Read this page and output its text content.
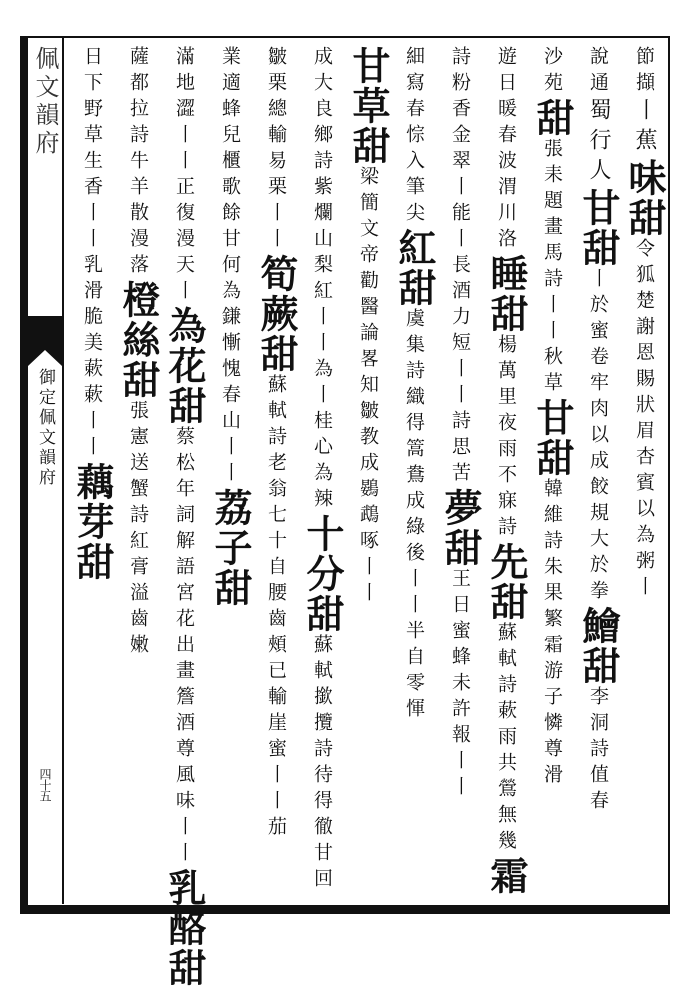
佩文韻府
御定佩文韻府
四十五
節擷丨蕉味甜令狐楚謝恩賜狀眉杏賓以為粥丨
說通蜀行人甘甜丨於蜜卷牢肉以成餃規大於拳鱠甜李洞詩值春
沙苑甜張耒題畫馬詩丨丨秋草甘甜韓維詩朱果繁霜游子憐尊滑
遊日暖春波渭川洛睡甜楊萬里夜雨不寐詩先甜蘇軾詩蔌雨共鶯無幾霜
詩粉香金翠丨能丨長酒力短丨丨詩思苦夢甜王日蜜蜂未許報丨丨
細寫春悰入筆尖紅甜虞集詩織得篙鴦成綠後丨丨半自零惲
甘草甜梁簡文帝勸醫論畧知皺教成鷃鵡啄丨丨
成大良鄉詩紫爛山梨紅丨丨為丨桂心為辣十分甜蘇軾撳攬詩待得徹甘回
皺栗總輸易栗丨丨筍蕨甜蘇軾詩老翁七十自腰齒頰已輸崖蜜丨丨茄
業適蜂兒櫃歌餘甘何為鎌慚愧春山丨丨荔子甜
滿地澀丨丨正復漫天丨為花甜蔡松年詞解語宮花出畫簷酒尊風味丨丨乳酪甜
薩都拉詩牛羊散漫落橙絲甜張憲送蟹詩紅膏溢齒嫩
日下野草生香丨丨乳滑脆美蔌蔌丨丨藕芽甜
